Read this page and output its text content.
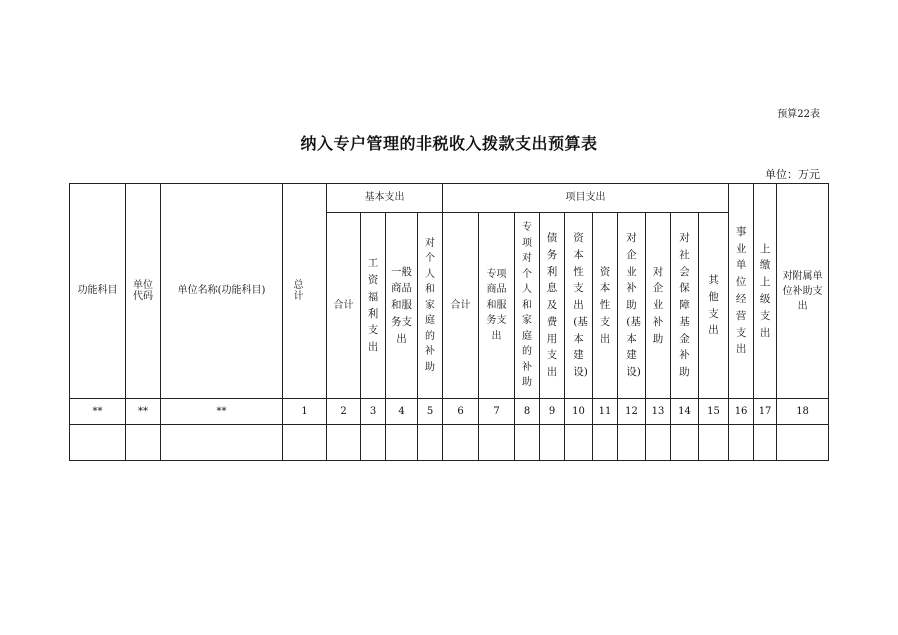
预算22表
纳入专户管理的非税收入拨款支出预算表
单位：万元
功能科目	单位代码	单位名称(功能科目)	总计	基本支出				项目支出										事业单位经营支出	上缴上级支出	对附属单位补助支出
				合计	工资福利支出	一般商品和服务支出	对个人和家庭的补助	合计	专项商品和服务支出	专项对个人和家庭的补助	债务利息及费用支出	资本性支出(基本建设)	资本性支出	对企业补助(基本建设)	对企业补助	对社会保障基金补助	其他支出			
**	**	**	1	2	3	4	5	6	7	8	9	10	11	12	13	14	15	16	17	18
